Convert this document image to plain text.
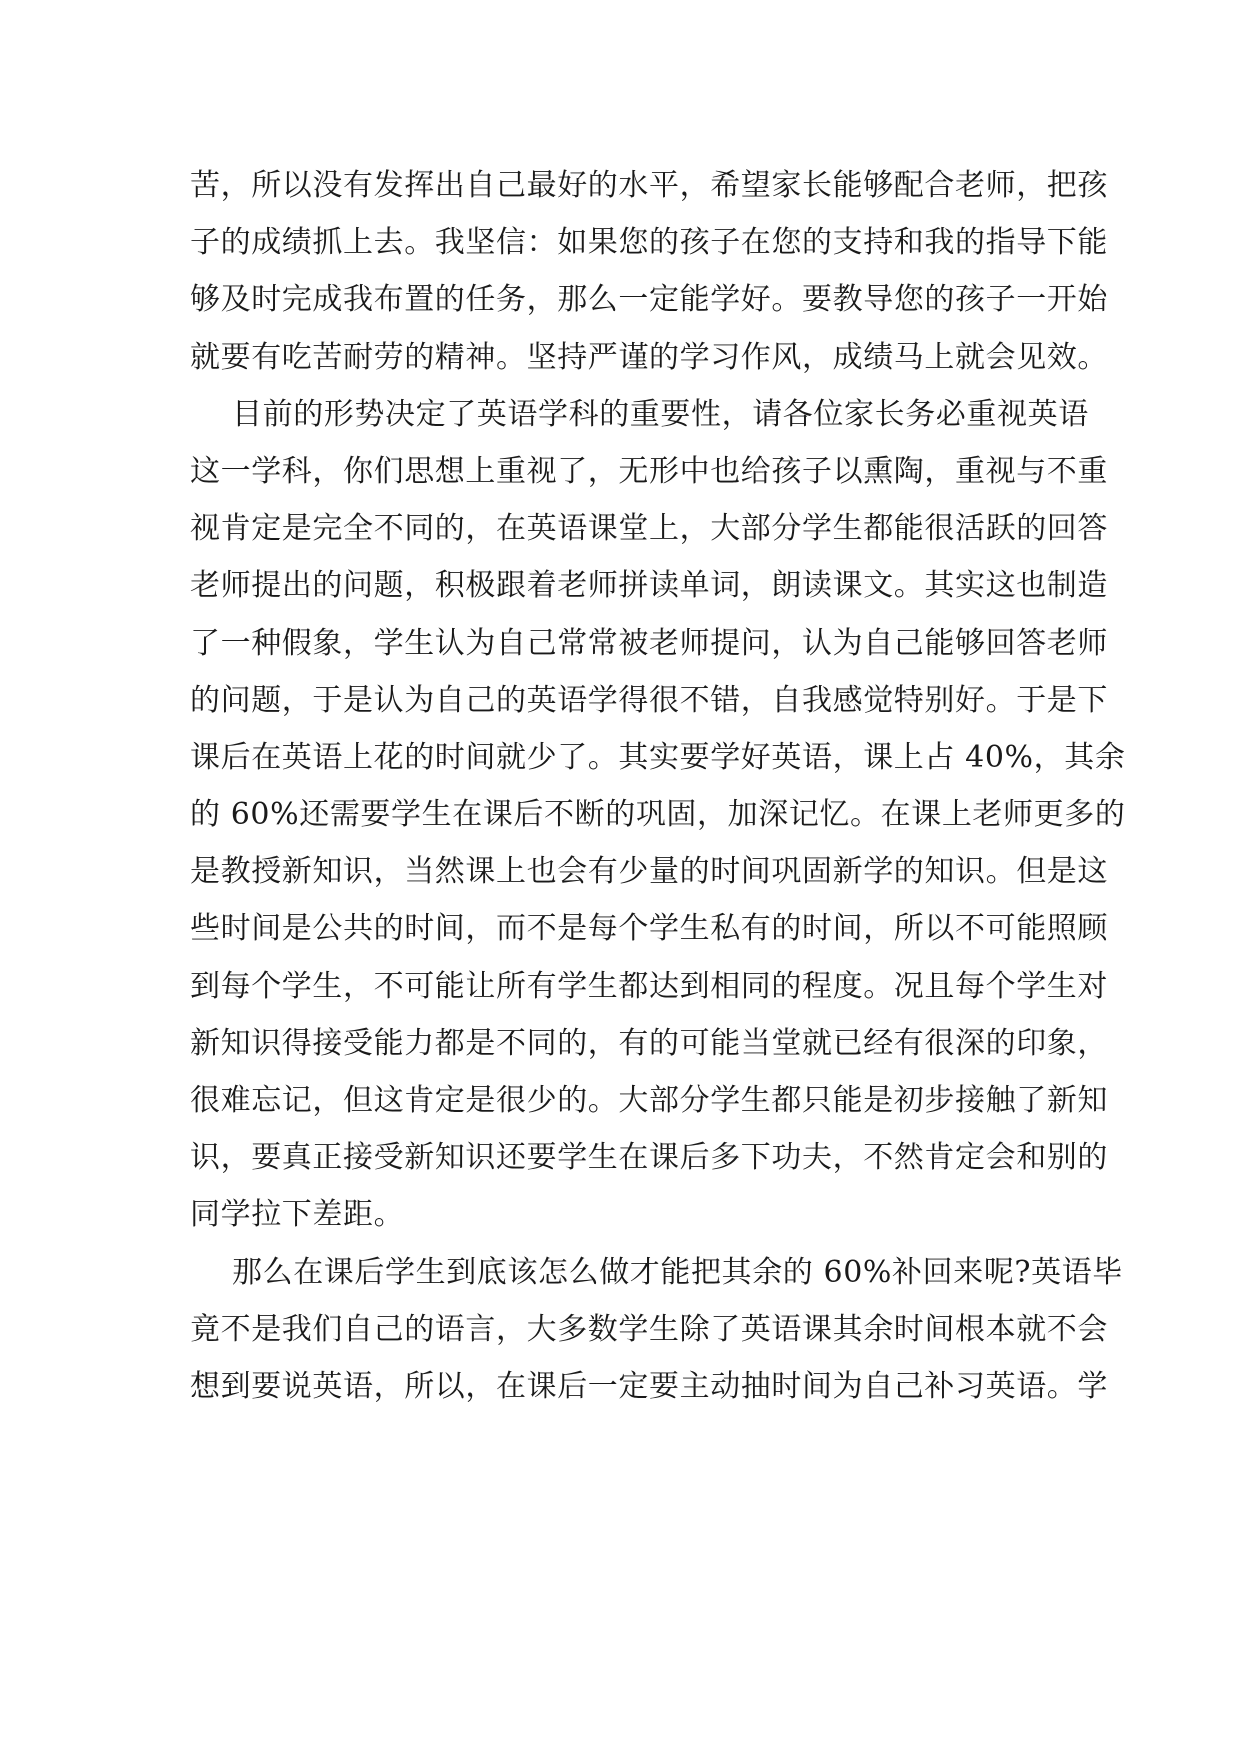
苦，所以没有发挥出自己最好的水平，希望家长能够配合老师，把孩
子的成绩抓上去。我坚信：如果您的孩子在您的支持和我的指导下能
够及时完成我布置的任务，那么一定能学好。要教导您的孩子一开始
就要有吃苦耐劳的精神。坚持严谨的学习作风，成绩马上就会见效。
目前的形势决定了英语学科的重要性，请各位家长务必重视英语
这一学科，你们思想上重视了，无形中也给孩子以熏陶，重视与不重
视肯定是完全不同的，在英语课堂上，大部分学生都能很活跃的回答
老师提出的问题，积极跟着老师拼读单词，朗读课文。其实这也制造
了一种假象，学生认为自己常常被老师提问，认为自己能够回答老师
的问题，于是认为自己的英语学得很不错，自我感觉特别好。于是下
课后在英语上花的时间就少了。其实要学好英语，课上占 40%，其余
的 60%还需要学生在课后不断的巩固，加深记忆。在课上老师更多的
是教授新知识，当然课上也会有少量的时间巩固新学的知识。但是这
些时间是公共的时间，而不是每个学生私有的时间，所以不可能照顾
到每个学生，不可能让所有学生都达到相同的程度。况且每个学生对
新知识得接受能力都是不同的，有的可能当堂就已经有很深的印象，
很难忘记，但这肯定是很少的。大部分学生都只能是初步接触了新知
识，要真正接受新知识还要学生在课后多下功夫，不然肯定会和别的
同学拉下差距。
那么在课后学生到底该怎么做才能把其余的 60%补回来呢?英语毕
竟不是我们自己的语言，大多数学生除了英语课其余时间根本就不会
想到要说英语，所以，在课后一定要主动抽时间为自己补习英语。学
